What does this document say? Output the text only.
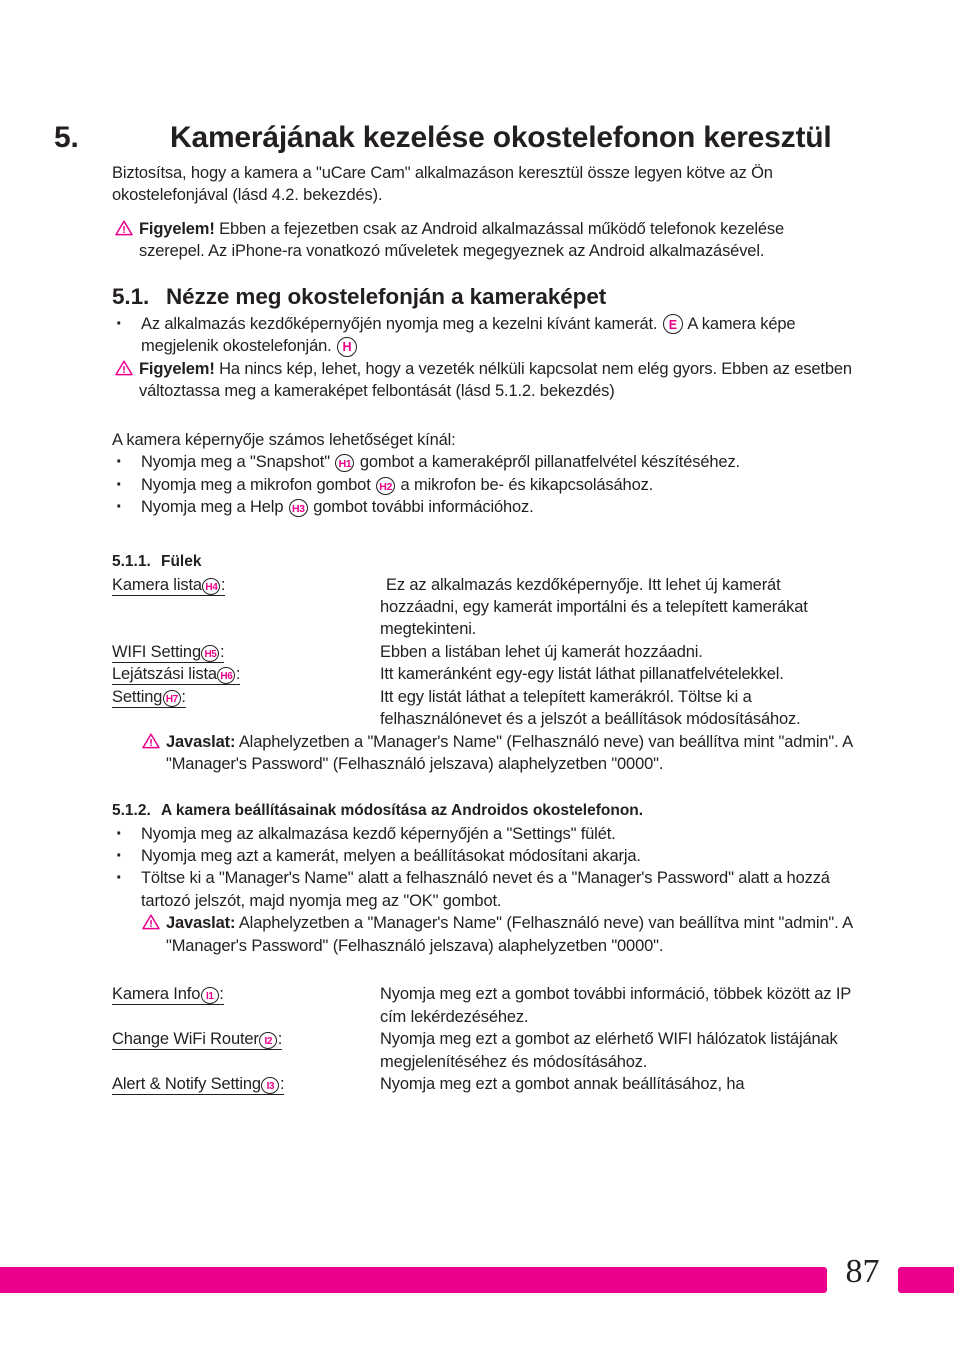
5.	Kamerájának kezelése okostelefonon keresztül

Biztosítsa, hogy a kamera a "uCare Cam" alkalmazáson keresztül össze legyen kötve az Ön okostelefonjával (lásd 4.2. bekezdés).

Figyelem! Ebben a fejezetben csak az Android alkalmazással működő telefonok kezelése szerepel. Az iPhone-ra vonatkozó műveletek megegyeznek az Android alkalmazásével.
5.1. Nézze meg okostelefonján a kameraképet
· Az alkalmazás kezdőképernyőjén nyomja meg a kezelni kívánt kamerát. E A kamera képe megjelenik okostelefonján. H
Figyelem! Ha nincs kép, lehet, hogy a vezeték nélküli kapcsolat nem elég gyors. Ebben az esetben változtassa meg a kameraképet felbontását (lásd 5.1.2. bekezdés)

A kamera képernyője számos lehetőséget kínál:

· Nyomja meg a "Snapshot" H1 gombot a kameraképről pillanatfelvétel készítéséhez.
· Nyomja meg a mikrofon gombot H2 a mikrofon be- és kikapcsolásához.
· Nyomja meg a Help H3 gombot további információhoz.
5.1.1. Fülek
Kamera lista H4 :	Ez az alkalmazás kezdőképernyője. Itt lehet új kamerát hozzáadni, egy kamerát importálni és a telepített kamerákat megtekinteni.
WIFI Setting H5 :	Ebben a listában lehet új kamerát hozzáadni.
Lejátszási lista H6 :	Itt kameránként egy-egy listát láthat pillanatfelvételekkel.
Setting H7 :	Itt egy listát láthat a telepített kamerákról. Töltse ki a felhasználónevet és a jelszót a beállítások módosításához.
Javaslat: Alaphelyzetben a "Manager's Name" (Felhasználó neve) van beállítva mint "admin". A "Manager's Password" (Felhasználó jelszava) alaphelyzetben "0000".
5.1.2. A kamera beállításainak módosítása az Androidos okostelefonon.
· Nyomja meg az alkalmazása kezdő képernyőjén a "Settings" fülét.
· Nyomja meg azt a kamerát, melyen a beállításokat módosítani akarja.
· Töltse ki a "Manager's Name" alatt a felhasználó nevet és a "Manager's Password" alatt a hozzá tartozó jelszót, majd nyomja meg az "OK" gombot.
Javaslat: Alaphelyzetben a "Manager's Name" (Felhasználó neve) van beállítva mint "admin". A "Manager's Password" (Felhasználó jelszava) alaphelyzetben "0000".
Kamera Info I1 :	Nyomja meg ezt a gombot további információ, többek között az IP cím lekérdezéséhez.
Change WiFi Router I2 :	Nyomja meg ezt a gombot az elérhető WIFI hálózatok listájának megjelenítéséhez és módosításához.
Alert & Notify Setting I3 :	Nyomja meg ezt a gombot annak beállításához, ha
87
